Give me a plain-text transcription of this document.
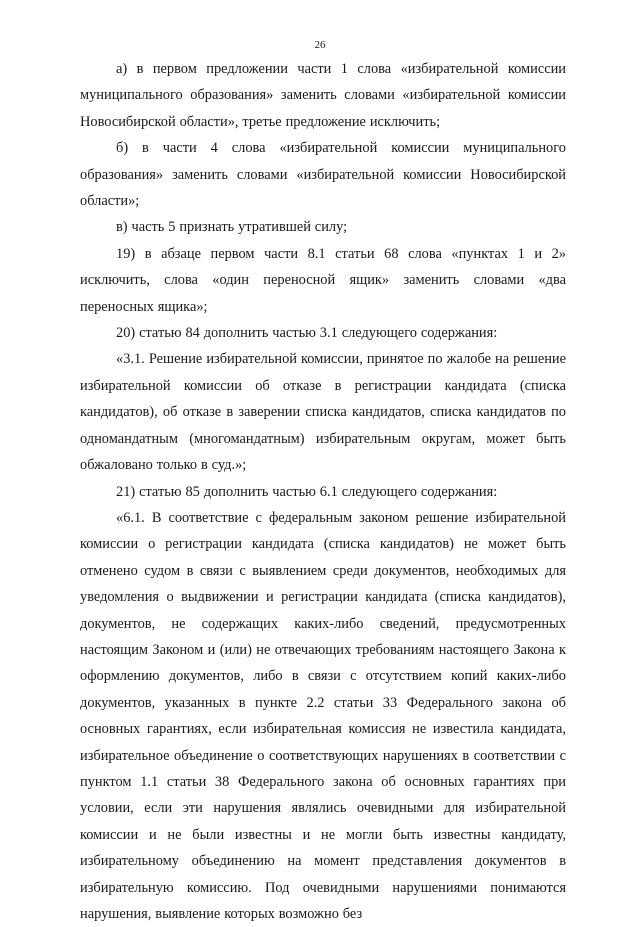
26

а) в первом предложении части 1 слова «избирательной комиссии муниципального образования» заменить словами «избирательной комиссии Новосибирской области», третье предложение исключить;

б) в части 4 слова «избирательной комиссии муниципального образования» заменить словами «избирательной комиссии Новосибирской области»;

в) часть 5 признать утратившей силу;

19) в абзаце первом части 8.1 статьи 68 слова «пунктах 1 и 2» исключить, слова «один переносной ящик» заменить словами «два переносных ящика»;

20) статью 84 дополнить частью 3.1 следующего содержания:

«3.1. Решение избирательной комиссии, принятое по жалобе на решение избирательной комиссии об отказе в регистрации кандидата (списка кандидатов), об отказе в заверении списка кандидатов, списка кандидатов по одномандатным (многомандатным) избирательным округам, может быть обжаловано только в суд.»;

21) статью 85 дополнить частью 6.1 следующего содержания:

«6.1. В соответствие с федеральным законом решение избирательной комиссии о регистрации кандидата (списка кандидатов) не может быть отменено судом в связи с выявлением среди документов, необходимых для уведомления о выдвижении и регистрации кандидата (списка кандидатов), документов, не содержащих каких-либо сведений, предусмотренных настоящим Законом и (или) не отвечающих требованиям настоящего Закона к оформлению документов, либо в связи с отсутствием копий каких-либо документов, указанных в пункте 2.2 статьи 33 Федерального закона об основных гарантиях, если избирательная комиссия не известила кандидата, избирательное объединение о соответствующих нарушениях в соответствии с пунктом 1.1 статьи 38 Федерального закона об основных гарантиях при условии, если эти нарушения являлись очевидными для избирательной комиссии и не были известны и не могли быть известны кандидату, избирательному объединению на момент представления документов в избирательную комиссию. Под очевидными нарушениями понимаются нарушения, выявление которых возможно без
